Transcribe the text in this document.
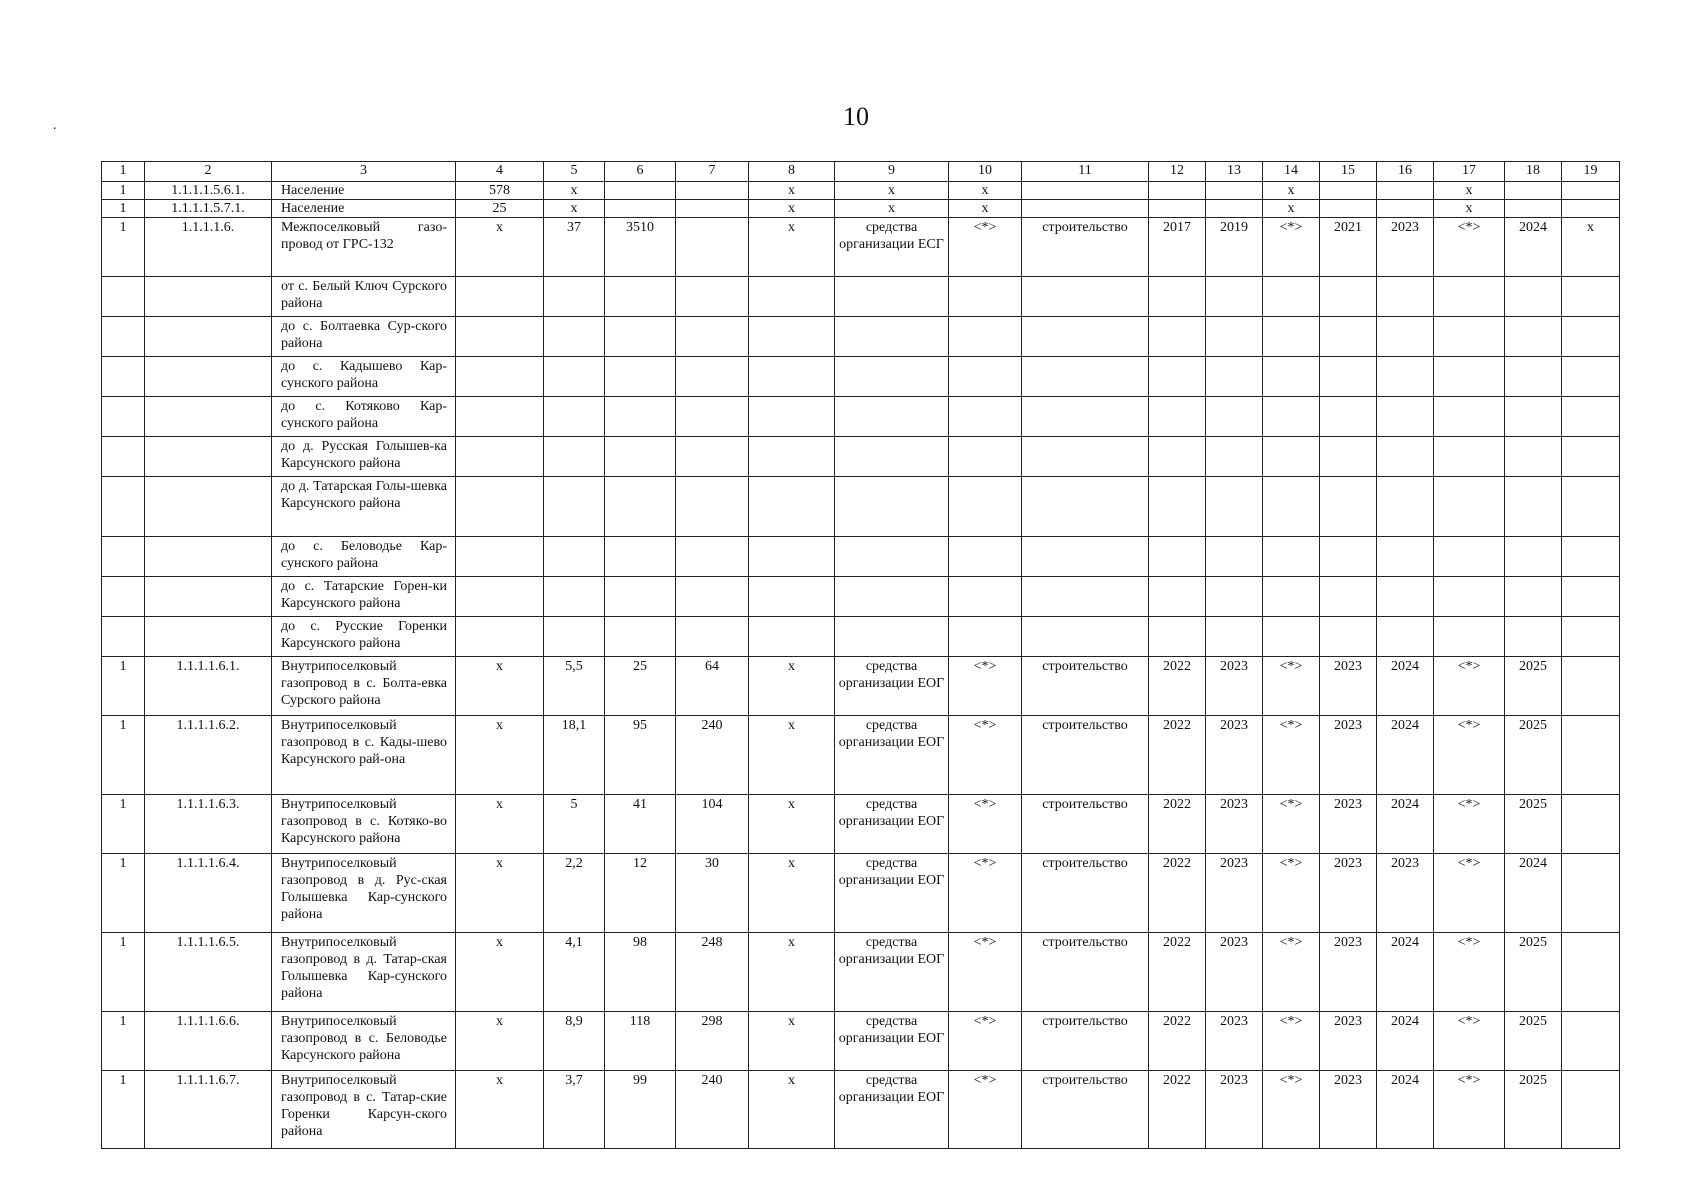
10
.
1	2	3	4	5	6	7	8	9	10	11	12	13	14	15	16	17	18	19
1	1.1.1.1.5.6.1.	Население	578	x			x	x	x				x			x		
1	1.1.1.1.5.7.1.	Население	25	x			x	x	x				x			x		
1	1.1.1.1.6.	Межпоселковый газо-провод от ГРС-132	x	37	3510		x	средства организации ЕСГ	<*>	строительство	2017	2019	<*>	2021	2023	<*>	2024	x
		от с. Белый Ключ Сурского района																
		до с. Болтаевка Сур-ского района																
		до с. Кадышево Кар-сунского района																
		до с. Котяково Кар-сунского района																
		до д. Русская Голышев-ка Карсунского района																
		до д. Татарская Голы-шевка Карсунского района																
		до с. Беловодье Кар-сунского района																
		до с. Татарские Горен-ки Карсунского района																
		до с. Русские Горенки Карсунского района																
1	1.1.1.1.6.1.	Внутрипоселковый газопровод в с. Болта-евка Сурского района	x	5,5	25	64	x	средства организации ЕОГ	<*>	строительство	2022	2023	<*>	2023	2024	<*>	2025	
1	1.1.1.1.6.2.	Внутрипоселковый газопровод в с. Кады-шево Карсунского рай-она	x	18,1	95	240	x	средства организации ЕОГ	<*>	строительство	2022	2023	<*>	2023	2024	<*>	2025	
1	1.1.1.1.6.3.	Внутрипоселковый газопровод в с. Котяко-во Карсунского района	x	5	41	104	x	средства организации ЕОГ	<*>	строительство	2022	2023	<*>	2023	2024	<*>	2025	
1	1.1.1.1.6.4.	Внутрипоселковый газопровод в д. Рус-ская Голышевка Кар-сунского района	x	2,2	12	30	x	средства организации ЕОГ	<*>	строительство	2022	2023	<*>	2023	2023	<*>	2024	
1	1.1.1.1.6.5.	Внутрипоселковый газопровод в д. Татар-ская Голышевка Кар-сунского района	x	4,1	98	248	x	средства организации ЕОГ	<*>	строительство	2022	2023	<*>	2023	2024	<*>	2025	
1	1.1.1.1.6.6.	Внутрипоселковый газопровод в с. Беловодье Карсунского района	x	8,9	118	298	x	средства организации ЕОГ	<*>	строительство	2022	2023	<*>	2023	2024	<*>	2025	
1	1.1.1.1.6.7.	Внутрипоселковый газопровод в с. Татар-ские Горенки Карсун-ского района	x	3,7	99	240	x	средства организации ЕОГ	<*>	строительство	2022	2023	<*>	2023	2024	<*>	2025	
